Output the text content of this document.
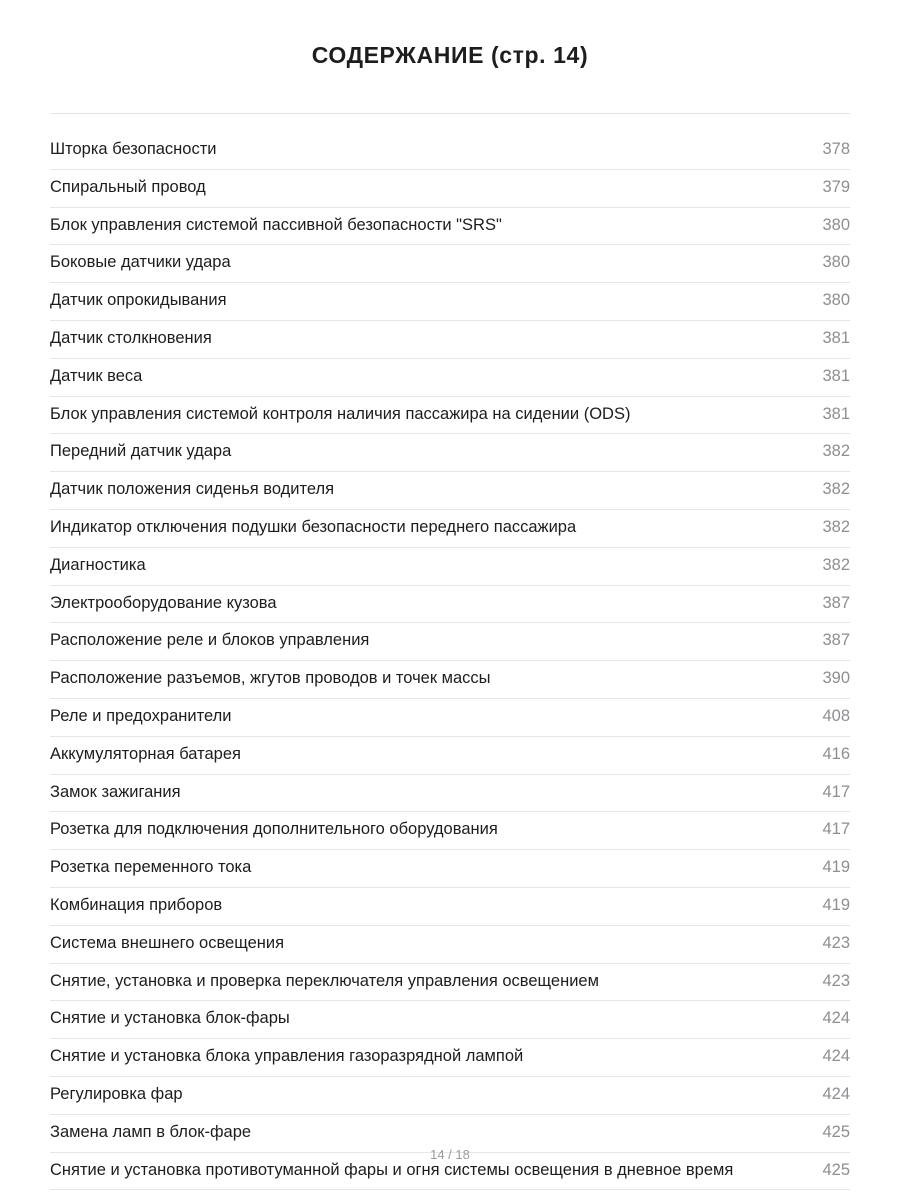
СОДЕРЖАНИЕ (стр. 14)
Шторка безопасности	378
Спиральный провод	379
Блок управления системой пассивной безопасности "SRS"	380
Боковые датчики удара	380
Датчик опрокидывания	380
Датчик столкновения	381
Датчик веса	381
Блок управления системой контроля наличия пассажира на сидении (ODS)	381
Передний датчик удара	382
Датчик положения сиденья водителя	382
Индикатор отключения подушки безопасности переднего пассажира	382
Диагностика	382
Электрооборудование кузова	387
Расположение реле и блоков управления	387
Расположение разъемов, жгутов проводов и точек массы	390
Реле и предохранители	408
Аккумуляторная батарея	416
Замок зажигания	417
Розетка для подключения дополнительного оборудования	417
Розетка переменного тока	419
Комбинация приборов	419
Система внешнего освещения	423
Снятие, установка и проверка переключателя управления освещением	423
Снятие и установка блок-фары	424
Снятие и установка блока управления газоразрядной лампой	424
Регулировка фар	424
Замена ламп в блок-фаре	425
Снятие и установка противотуманной фары и огня системы освещения в дневное время	425
14 / 18
